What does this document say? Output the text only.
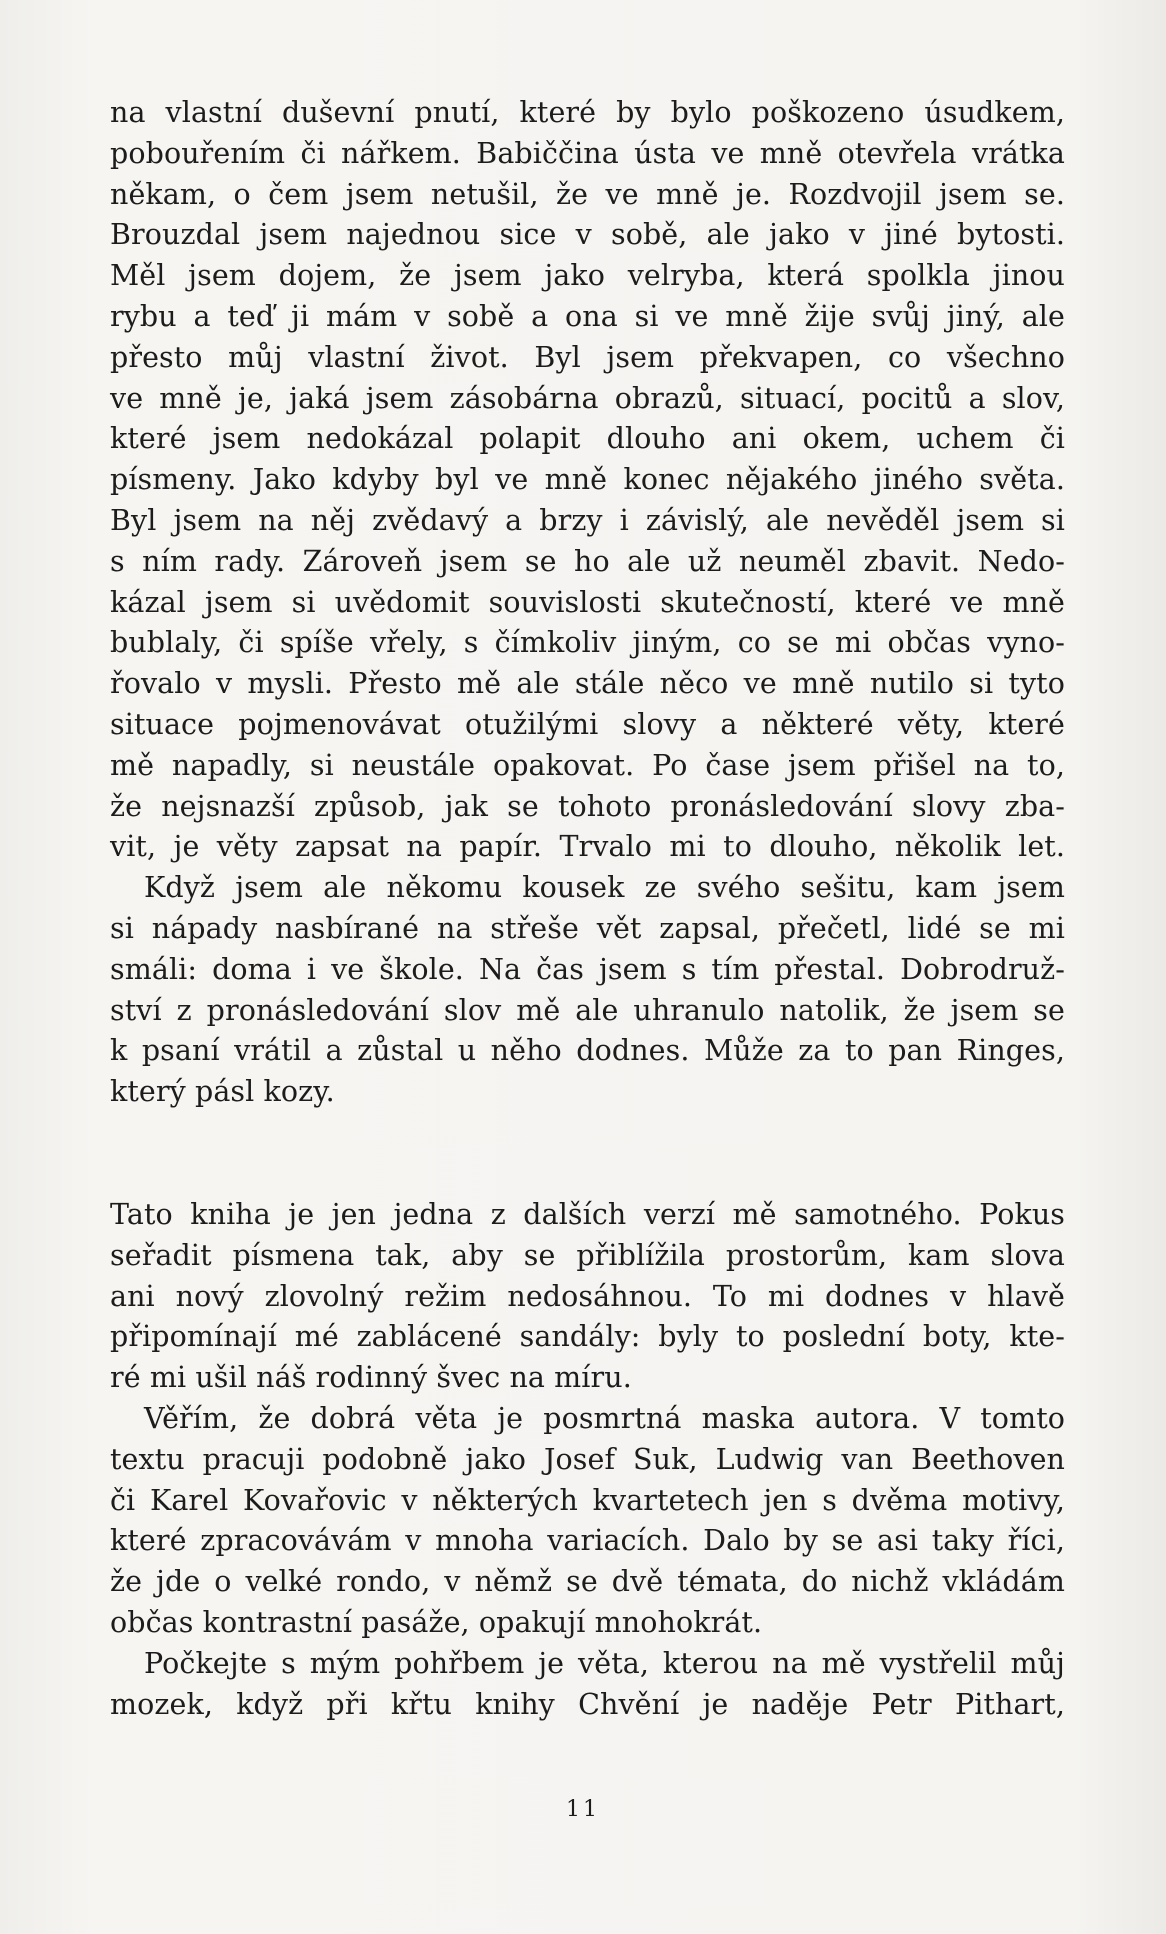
na vlastní duševní pnutí, které by bylo poškozeno úsudkem,
pobouřením či nářkem. Babiččina ústa ve mně otevřela vrátka
někam, o čem jsem netušil, že ve mně je. Rozdvojil jsem se.
Brouzdal jsem najednou sice v sobě, ale jako v jiné bytosti.
Měl jsem dojem, že jsem jako velryba, která spolkla jinou
rybu a teď ji mám v sobě a ona si ve mně žije svůj jiný, ale
přesto můj vlastní život. Byl jsem překvapen, co všechno
ve mně je, jaká jsem zásobárna obrazů, situací, pocitů a slov,
které jsem nedokázal polapit dlouho ani okem, uchem či
písmeny. Jako kdyby byl ve mně konec nějakého jiného světa.
Byl jsem na něj zvědavý a brzy i závislý, ale nevěděl jsem si
s ním rady. Zároveň jsem se ho ale už neuměl zbavit. Nedo-
kázal jsem si uvědomit souvislosti skutečností, které ve mně
bublaly, či spíše vřely, s čímkoliv jiným, co se mi občas vyno-
řovalo v mysli. Přesto mě ale stále něco ve mně nutilo si tyto
situace pojmenovávat otužilými slovy a některé věty, které
mě napadly, si neustále opakovat. Po čase jsem přišel na to,
že nejsnazší způsob, jak se tohoto pronásledování slovy zba-
vit, je věty zapsat na papír. Trvalo mi to dlouho, několik let.
Když jsem ale někomu kousek ze svého sešitu, kam jsem
si nápady nasbírané na střeše vět zapsal, přečetl, lidé se mi
smáli: doma i ve škole. Na čas jsem s tím přestal. Dobrodruž-
ství z pronásledování slov mě ale uhranulo natolik, že jsem se
k psaní vrátil a zůstal u něho dodnes. Může za to pan Ringes,
který pásl kozy.
Tato kniha je jen jedna z dalších verzí mě samotného. Pokus
seřadit písmena tak, aby se přiblížila prostorům, kam slova
ani nový zlovolný režim nedosáhnou. To mi dodnes v hlavě
připomínají mé zablácené sandály: byly to poslední boty, kte-
ré mi ušil náš rodinný švec na míru.
Věřím, že dobrá věta je posmrtná maska autora. V tomto
textu pracuji podobně jako Josef Suk, Ludwig van Beethoven
či Karel Kovařovic v některých kvartetech jen s dvěma motivy,
které zpracovávám v mnoha variacích. Dalo by se asi taky říci,
že jde o velké rondo, v němž se dvě témata, do nichž vkládám
občas kontrastní pasáže, opakují mnohokrát.
Počkejte s mým pohřbem je věta, kterou na mě vystřelil můj
mozek, když při křtu knihy Chvění je naděje Petr Pithart,
11
